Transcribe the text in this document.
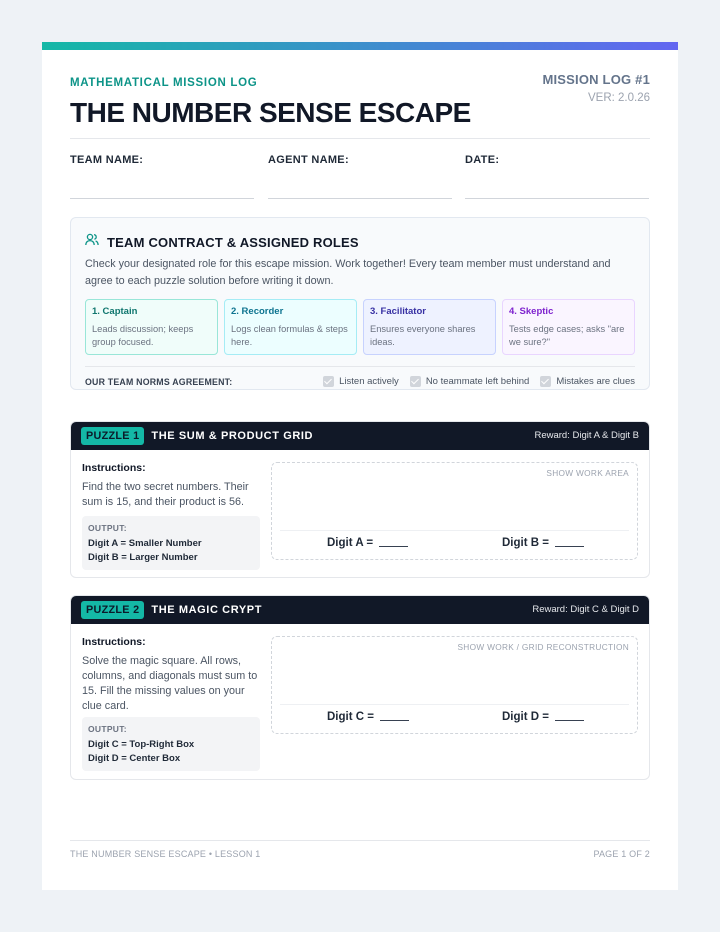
MATHEMATICAL MISSION LOG
THE NUMBER SENSE ESCAPE
MISSION LOG #1
VER: 2.0.26
TEAM NAME:	AGENT NAME:	DATE:
TEAM CONTRACT & ASSIGNED ROLES
Check your designated role for this escape mission. Work together! Every team member must understand and agree to each puzzle solution before writing it down.
1. Captain
Leads discussion; keeps group focused.
2. Recorder
Logs clean formulas & steps here.
3. Facilitator
Ensures everyone shares ideas.
4. Skeptic
Tests edge cases; asks "are we sure?"
OUR TEAM NORMS AGREEMENT:	Listen actively	No teammate left behind	Mistakes are clues
PUZZLE 1	THE SUM & PRODUCT GRID	Reward: Digit A & Digit B
Instructions:
Find the two secret numbers. Their sum is 15, and their product is 56.
OUTPUT:
Digit A = Smaller Number
Digit B = Larger Number
SHOW WORK AREA
Digit A =	Digit B =
PUZZLE 2	THE MAGIC CRYPT	Reward: Digit C & Digit D
Instructions:
Solve the magic square. All rows, columns, and diagonals must sum to 15. Fill the missing values on your clue card.
OUTPUT:
Digit C = Top-Right Box
Digit D = Center Box
SHOW WORK / GRID RECONSTRUCTION
Digit C =	Digit D =
THE NUMBER SENSE ESCAPE • LESSON 1	PAGE 1 OF 2
